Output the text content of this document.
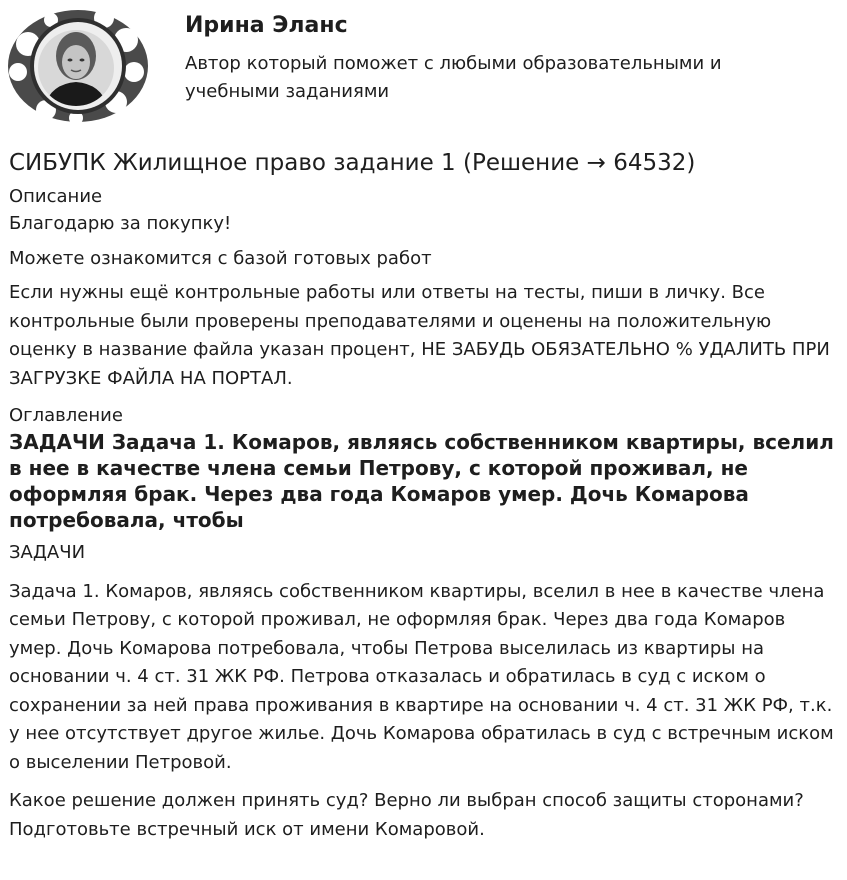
Ирина Эланс

Автор который поможет с любыми образовательными и учебными заданиями

СИБУПК Жилищное право задание 1 (Решение → 64532)
Описание

Благодарю за покупку!

Можете ознакомится с базой готовых работ

Если нужны ещё контрольные работы или ответы на тесты, пиши в личку. Все контрольные были проверены преподавателями и оценены на положительную оценку в название файла указан процент, НЕ ЗАБУДЬ ОБЯЗАТЕЛЬНО % УДАЛИТЬ ПРИ ЗАГРУЗКЕ ФАЙЛА НА ПОРТАЛ.

Оглавление
ЗАДАЧИ Задача 1. Комаров, являясь собственником квартиры, вселил в нее в качестве члена семьи Петрову, с которой проживал, не оформляя брак. Через два года Комаров умер. Дочь Комарова потребовала, чтобы

ЗАДАЧИ

Задача 1. Комаров, являясь собственником квартиры, вселил в нее в качестве члена семьи Петрову, с которой проживал, не оформляя брак. Через два года Комаров умер. Дочь Комарова потребовала, чтобы Петрова выселилась из квартиры на основании ч. 4 ст. 31 ЖК РФ. Петрова отказалась и обратилась в суд с иском о сохранении за ней права проживания в квартире на основании ч. 4 ст. 31 ЖК РФ, т.к. у нее отсутствует другое жилье. Дочь Комарова обратилась в суд с встречным иском о выселении Петровой.

Какое решение должен принять суд? Верно ли выбран способ защиты сторонами? Подготовьте встречный иск от имени Комаровой.
